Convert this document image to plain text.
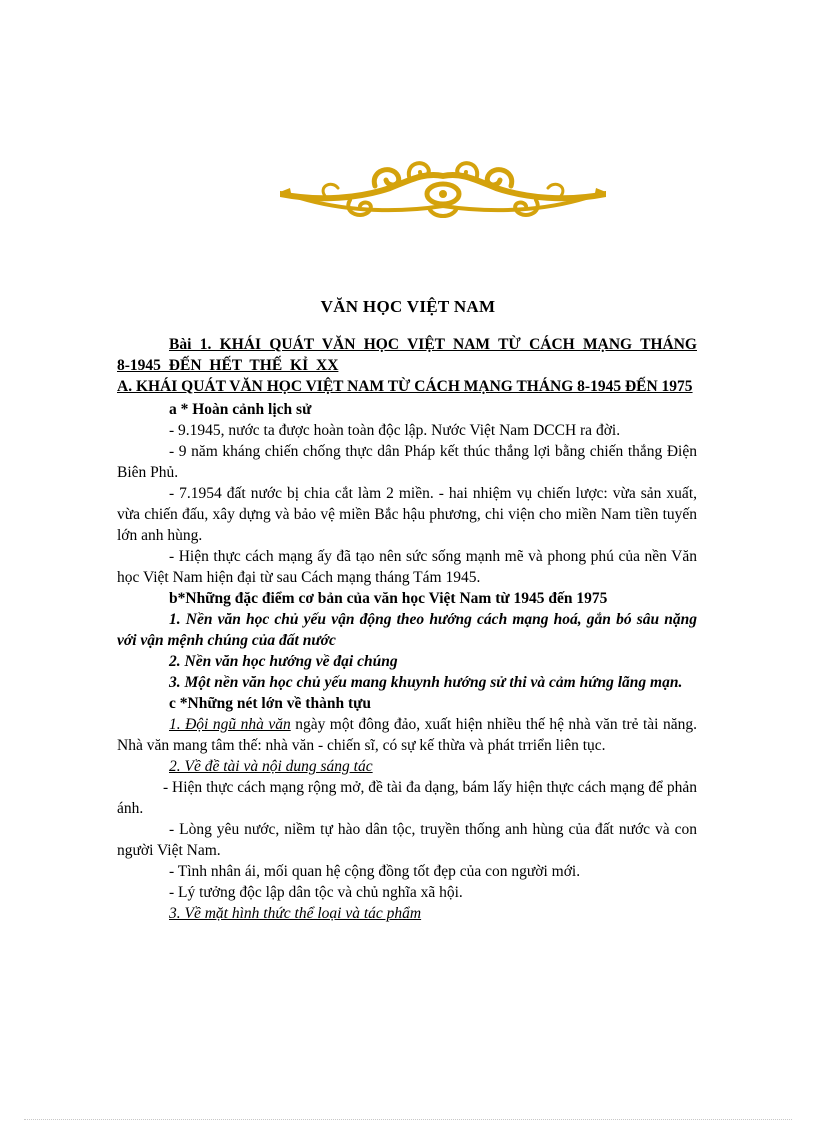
VĂN HỌC VIỆT NAM

Bài 1. KHÁI QUÁT VĂN HỌC VIỆT NAM TỪ CÁCH MẠNG THÁNG 8-1945 ĐẾN HẾT THẾ KỈ XX

A. KHÁI QUÁT VĂN HỌC VIỆT NAM TỪ CÁCH MẠNG THÁNG 8-1945 ĐẾN 1975

a * Hoàn cảnh lịch sử

- 9.1945, nước ta được hoàn toàn độc lập. Nước Việt Nam DCCH ra đời.

- 9 năm kháng chiến chống thực dân Pháp kết thúc thắng lợi bằng chiến thắng Điện Biên Phủ.

- 7.1954 đất nước bị chia cắt làm 2 miền. - hai nhiệm vụ chiến lược: vừa sản xuất, vừa chiến đấu, xây dựng và bảo vệ miền Bắc hậu phương, chi viện cho miền Nam tiền tuyến lớn anh hùng.

- Hiện thực cách mạng ấy đã tạo nên sức sống mạnh mẽ và phong phú của nền Văn học Việt Nam hiện đại từ sau Cách mạng tháng Tám 1945.

b*Những đặc điểm cơ bản của văn học Việt Nam từ 1945 đến 1975

1. Nền văn học chủ yếu vận động theo hướng cách mạng hoá, gắn bó sâu nặng với vận mệnh chúng của đất nước

2. Nền văn học hướng về đại chúng

3. Một nền văn học chủ yếu mang khuynh hướng sử thi và cảm hứng lãng mạn.

c *Những nét lớn về thành tựu

1. Đội ngũ nhà văn ngày một đông đảo, xuất hiện nhiều thế hệ nhà văn trẻ tài năng. Nhà văn mang tâm thế: nhà văn - chiến sĩ, có sự kế thừa và phát trriển liên tục.

2. Về đề tài và nội dung sáng tác

- Hiện thực cách mạng rộng mở, đề tài đa dạng, bám lấy hiện thực cách mạng để phản ánh.

- Lòng yêu nước, niềm tự hào dân tộc, truyền thống anh hùng của đất nước và con người Việt Nam.

- Tình nhân ái, mối quan hệ cộng đồng tốt đẹp của con người mới.

- Lý tưởng độc lập dân tộc và chủ nghĩa xã hội.

3. Về mặt hình thức thể loại và tác phẩm
